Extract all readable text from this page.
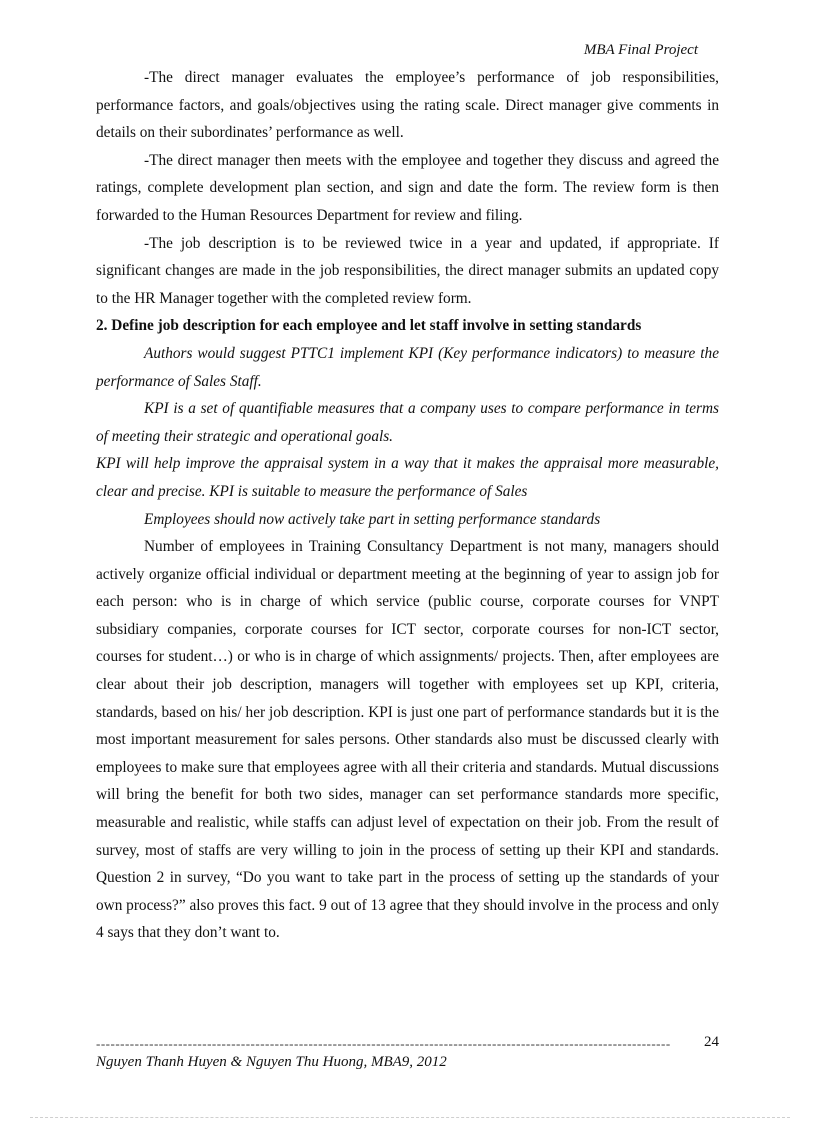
MBA Final Project

-The direct manager evaluates the employee’s performance of job responsibilities, performance factors, and goals/objectives using the rating scale. Direct manager give comments in details on their subordinates’ performance as well.

-The direct manager then meets with the employee and together they discuss and agreed the ratings, complete development plan section, and sign and date the form. The review form is then forwarded to the Human Resources Department for review and filing.

-The job description is to be reviewed twice in a year and updated, if appropriate. If significant changes are made in the job responsibilities, the direct manager submits an updated copy to the HR Manager together with the completed review form.

2. Define job description for each employee and let staff involve in setting standards

Authors would suggest PTTC1 implement KPI (Key performance indicators) to measure the performance of Sales Staff.

KPI is a set of quantifiable measures that a company uses to compare performance in terms of meeting their strategic and operational goals.

KPI will help improve the appraisal system in a way that it makes the appraisal more measurable, clear and precise. KPI is suitable to measure the performance of Sales

Employees should now actively take part in setting performance standards

Number of employees in Training Consultancy Department is not many, managers should actively organize official individual or department meeting at the beginning of year to assign job for each person: who is in charge of which service (public course, corporate courses for VNPT subsidiary companies, corporate courses for ICT sector, corporate courses for non-ICT sector, courses for student…) or who is in charge of which assignments/ projects. Then, after employees are clear about their job description, managers will together with employees set up KPI, criteria, standards, based on his/ her job description. KPI is just one part of performance standards but it is the most important measurement for sales persons. Other standards also must be discussed clearly with employees to make sure that employees agree with all their criteria and standards. Mutual discussions will bring the benefit for both two sides, manager can set performance standards more specific, measurable and realistic, while staffs can adjust level of expectation on their job. From the result of survey, most of staffs are very willing to join in the process of setting up their KPI and standards. Question 2 in survey, “Do you want to take part in the process of setting up the standards of your own process?” also proves this fact. 9 out of 13 agree that they should involve in the process and only 4 says that they don’t want to.

-----------------------------------------------------------------------------------------------------------------------	24
Nguyen Thanh Huyen & Nguyen Thu Huong, MBA9, 2012
